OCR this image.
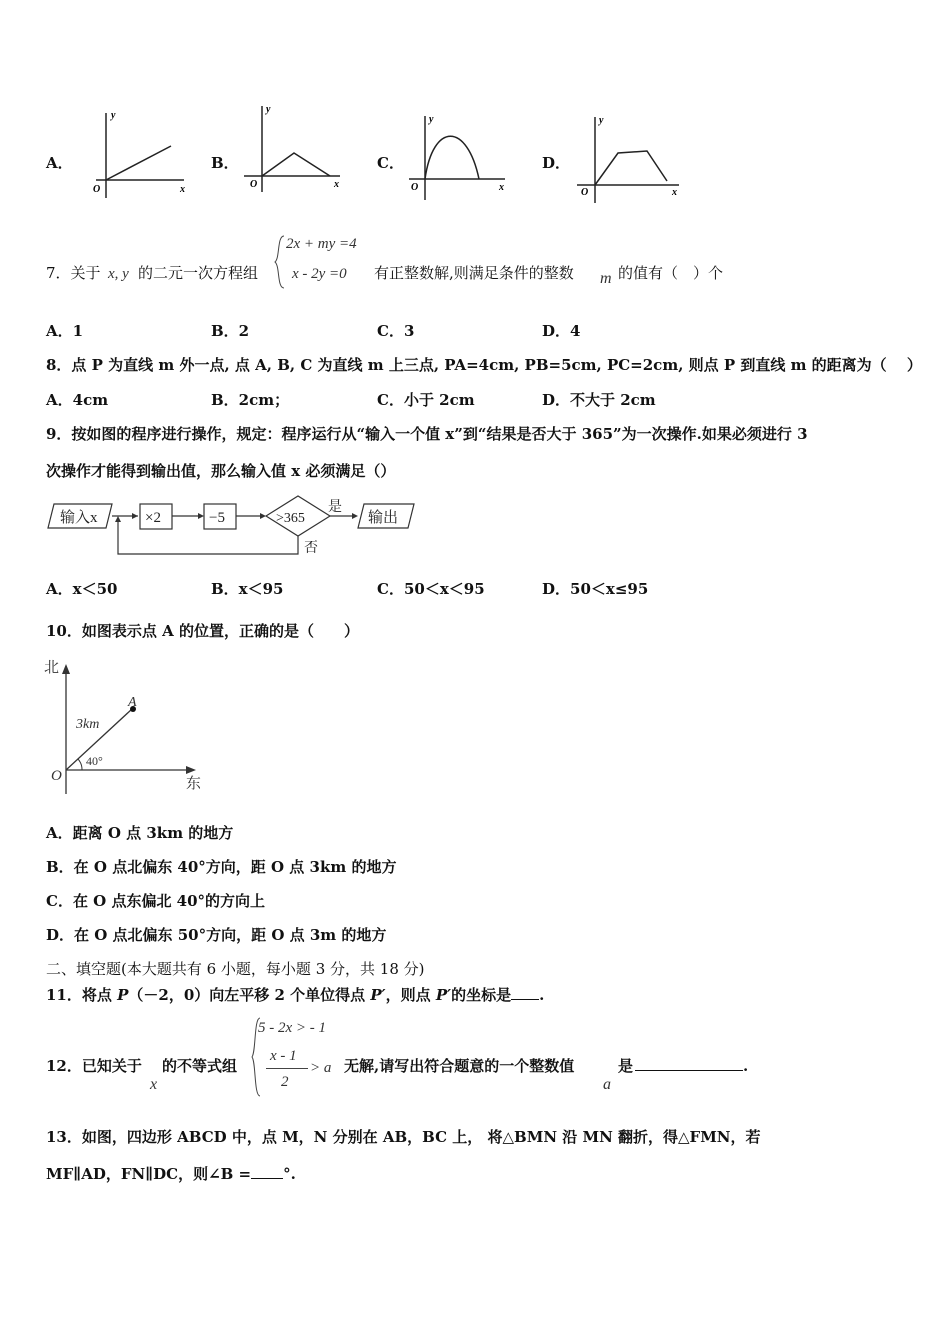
A．
y
x
O
B．
y
x
O
C．
y
x
O
D．
y
x
O
7．关于 x, y 的二元一次方程组
2x + my =4
x - 2y =0 有正整数解,则满足条件的整数 m 的值有（　）个
A．1	B．2	C．3	D．4
8．点 P 为直线 m 外一点, 点 A, B, C 为直线 m 上三点, PA=4cm, PB=5cm, PC=2cm, 则点 P 到直线 m 的距离为（　 ）
A．4cm	B．2cm；	C．小于 2cm	D．不大于 2cm
9．按如图的程序进行操作，规定：程序运行从“输入一个值 x”到“结果是否大于 365”为一次操作.如果必须进行 3
次操作才能得到输出值，那么输入值 x 必须满足（）
输入x	×2	−5	>365
是
输出
否
A．x＜50	B．x＜95	C．50＜x＜95	D．50＜x≤95
10．如图表示点 A 的位置，正确的是（　　）
北
东
O
A
3km
40°
A．距离 O 点 3km 的地方
B．在 O 点北偏东 40°方向，距 O 点 3km 的地方
C．在 O 点东偏北 40°的方向上
D．在 O 点北偏东 50°方向，距 O 点 3m 的地方
二、填空题(本大题共有 6 小题，每小题 3 分，共 18 分)
11．将点 P（－2，0）向左平移 2 个单位得点 P′，则点 P′的坐标是 .
12．已知关于
x
的不等式组
5 - 2x > - 1
x - 1
2
> a 无解,请写出符合题意的一个整数值
a
是	.
13．如图，四边形 ABCD 中，点 M，N 分别在 AB，BC 上， 将△BMN 沿 MN 翻折，得△FMN，若
MF∥AD，FN∥DC，则∠B = °.
